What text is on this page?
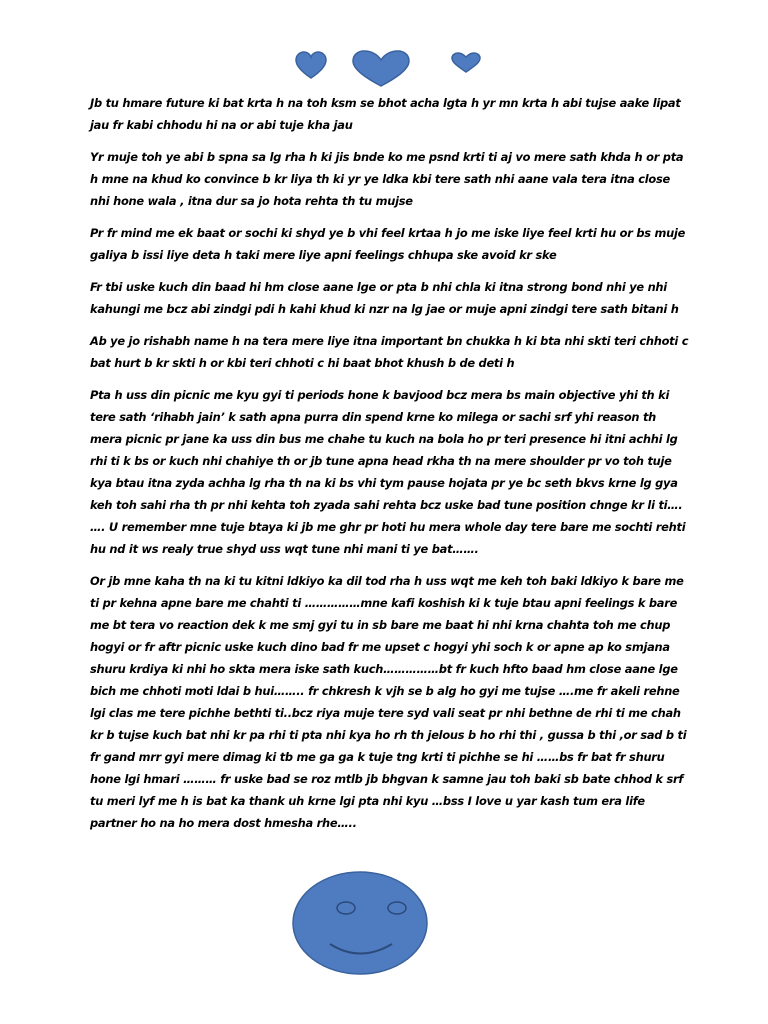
Jb tu hmare future ki bat krta h na toh ksm se bhot acha lgta h yr mn krta h abi tujse aake lipat jau fr kabi chhodu hi na or abi tuje kha jau

Yr muje toh ye abi b spna sa lg rha h ki jis bnde ko me psnd krti ti aj vo mere sath khda h or pta h mne na khud ko convince b kr liya th ki yr ye ldka kbi tere sath nhi aane vala tera itna close nhi hone wala , itna dur sa jo hota rehta th tu mujse

Pr fr mind me ek baat or sochi ki shyd ye b vhi feel krtaa h jo me iske liye feel krti hu or bs muje galiya b issi liye deta h taki mere liye apni feelings chhupa ske avoid kr ske

Fr tbi uske kuch din baad hi hm close aane lge or pta b nhi chla ki itna strong bond nhi ye nhi kahungi me bcz abi zindgi pdi h kahi khud ki nzr na lg jae or muje apni zindgi tere sath bitani h

Ab ye jo rishabh name h na tera mere liye itna important bn chukka h ki bta nhi skti teri chhoti c bat hurt b kr skti h or kbi teri chhoti c hi baat bhot khush b de deti h

Pta h uss din picnic me kyu gyi ti periods hone k bavjood bcz mera bs main objective yhi th ki tere sath ‘rihabh jain’ k sath apna purra din spend krne ko milega or sachi srf yhi reason th mera picnic pr jane ka uss din bus me chahe tu kuch na bola ho pr teri presence hi itni achhi lg rhi ti k bs or kuch nhi chahiye th or jb tune apna head rkha th na mere shoulder pr vo toh tuje kya btau itna zyda achha lg rha th na ki bs vhi tym pause hojata pr ye bc seth bkvs krne lg gya keh toh sahi rha th pr nhi kehta toh zyada sahi rehta bcz uske bad tune position chnge kr li ti…. …. U remember mne tuje btaya ki jb me ghr pr hoti hu mera whole day tere bare me sochti rehti hu nd it ws realy true shyd uss wqt tune nhi mani ti ye bat…….

Or jb mne kaha th na ki tu kitni ldkiyo ka dil tod rha h uss wqt me keh toh baki ldkiyo k bare me ti pr kehna apne bare me chahti ti ……………mne kafi koshish ki k tuje btau apni feelings k bare me bt tera vo reaction dek k me smj gyi tu in sb bare me baat hi nhi krna chahta toh me chup hogyi or fr aftr picnic uske kuch dino bad fr me upset c hogyi yhi soch k or apne ap ko smjana shuru krdiya ki nhi ho skta mera iske sath kuch……………bt fr kuch hfto baad hm close aane lge bich me chhoti moti ldai b hui…….. fr chkresh k vjh se b alg ho gyi me tujse ….me fr akeli rehne lgi clas me tere pichhe bethti ti..bcz riya muje tere syd vali seat pr nhi bethne de rhi ti me chah kr b tujse kuch bat nhi kr pa rhi ti pta nhi kya ho rh th jelous b ho rhi thi , gussa b thi ,or sad b ti fr gand mrr gyi mere dimag ki tb me ga ga k tuje tng krti ti pichhe se hi ……bs fr bat fr shuru hone lgi hmari ……… fr uske bad se roz mtlb jb bhgvan k samne jau toh baki sb bate chhod k srf tu meri lyf me h is bat ka thank uh krne lgi pta nhi kyu …bss I love u yar kash tum era life partner ho na ho mera dost hmesha rhe…..
